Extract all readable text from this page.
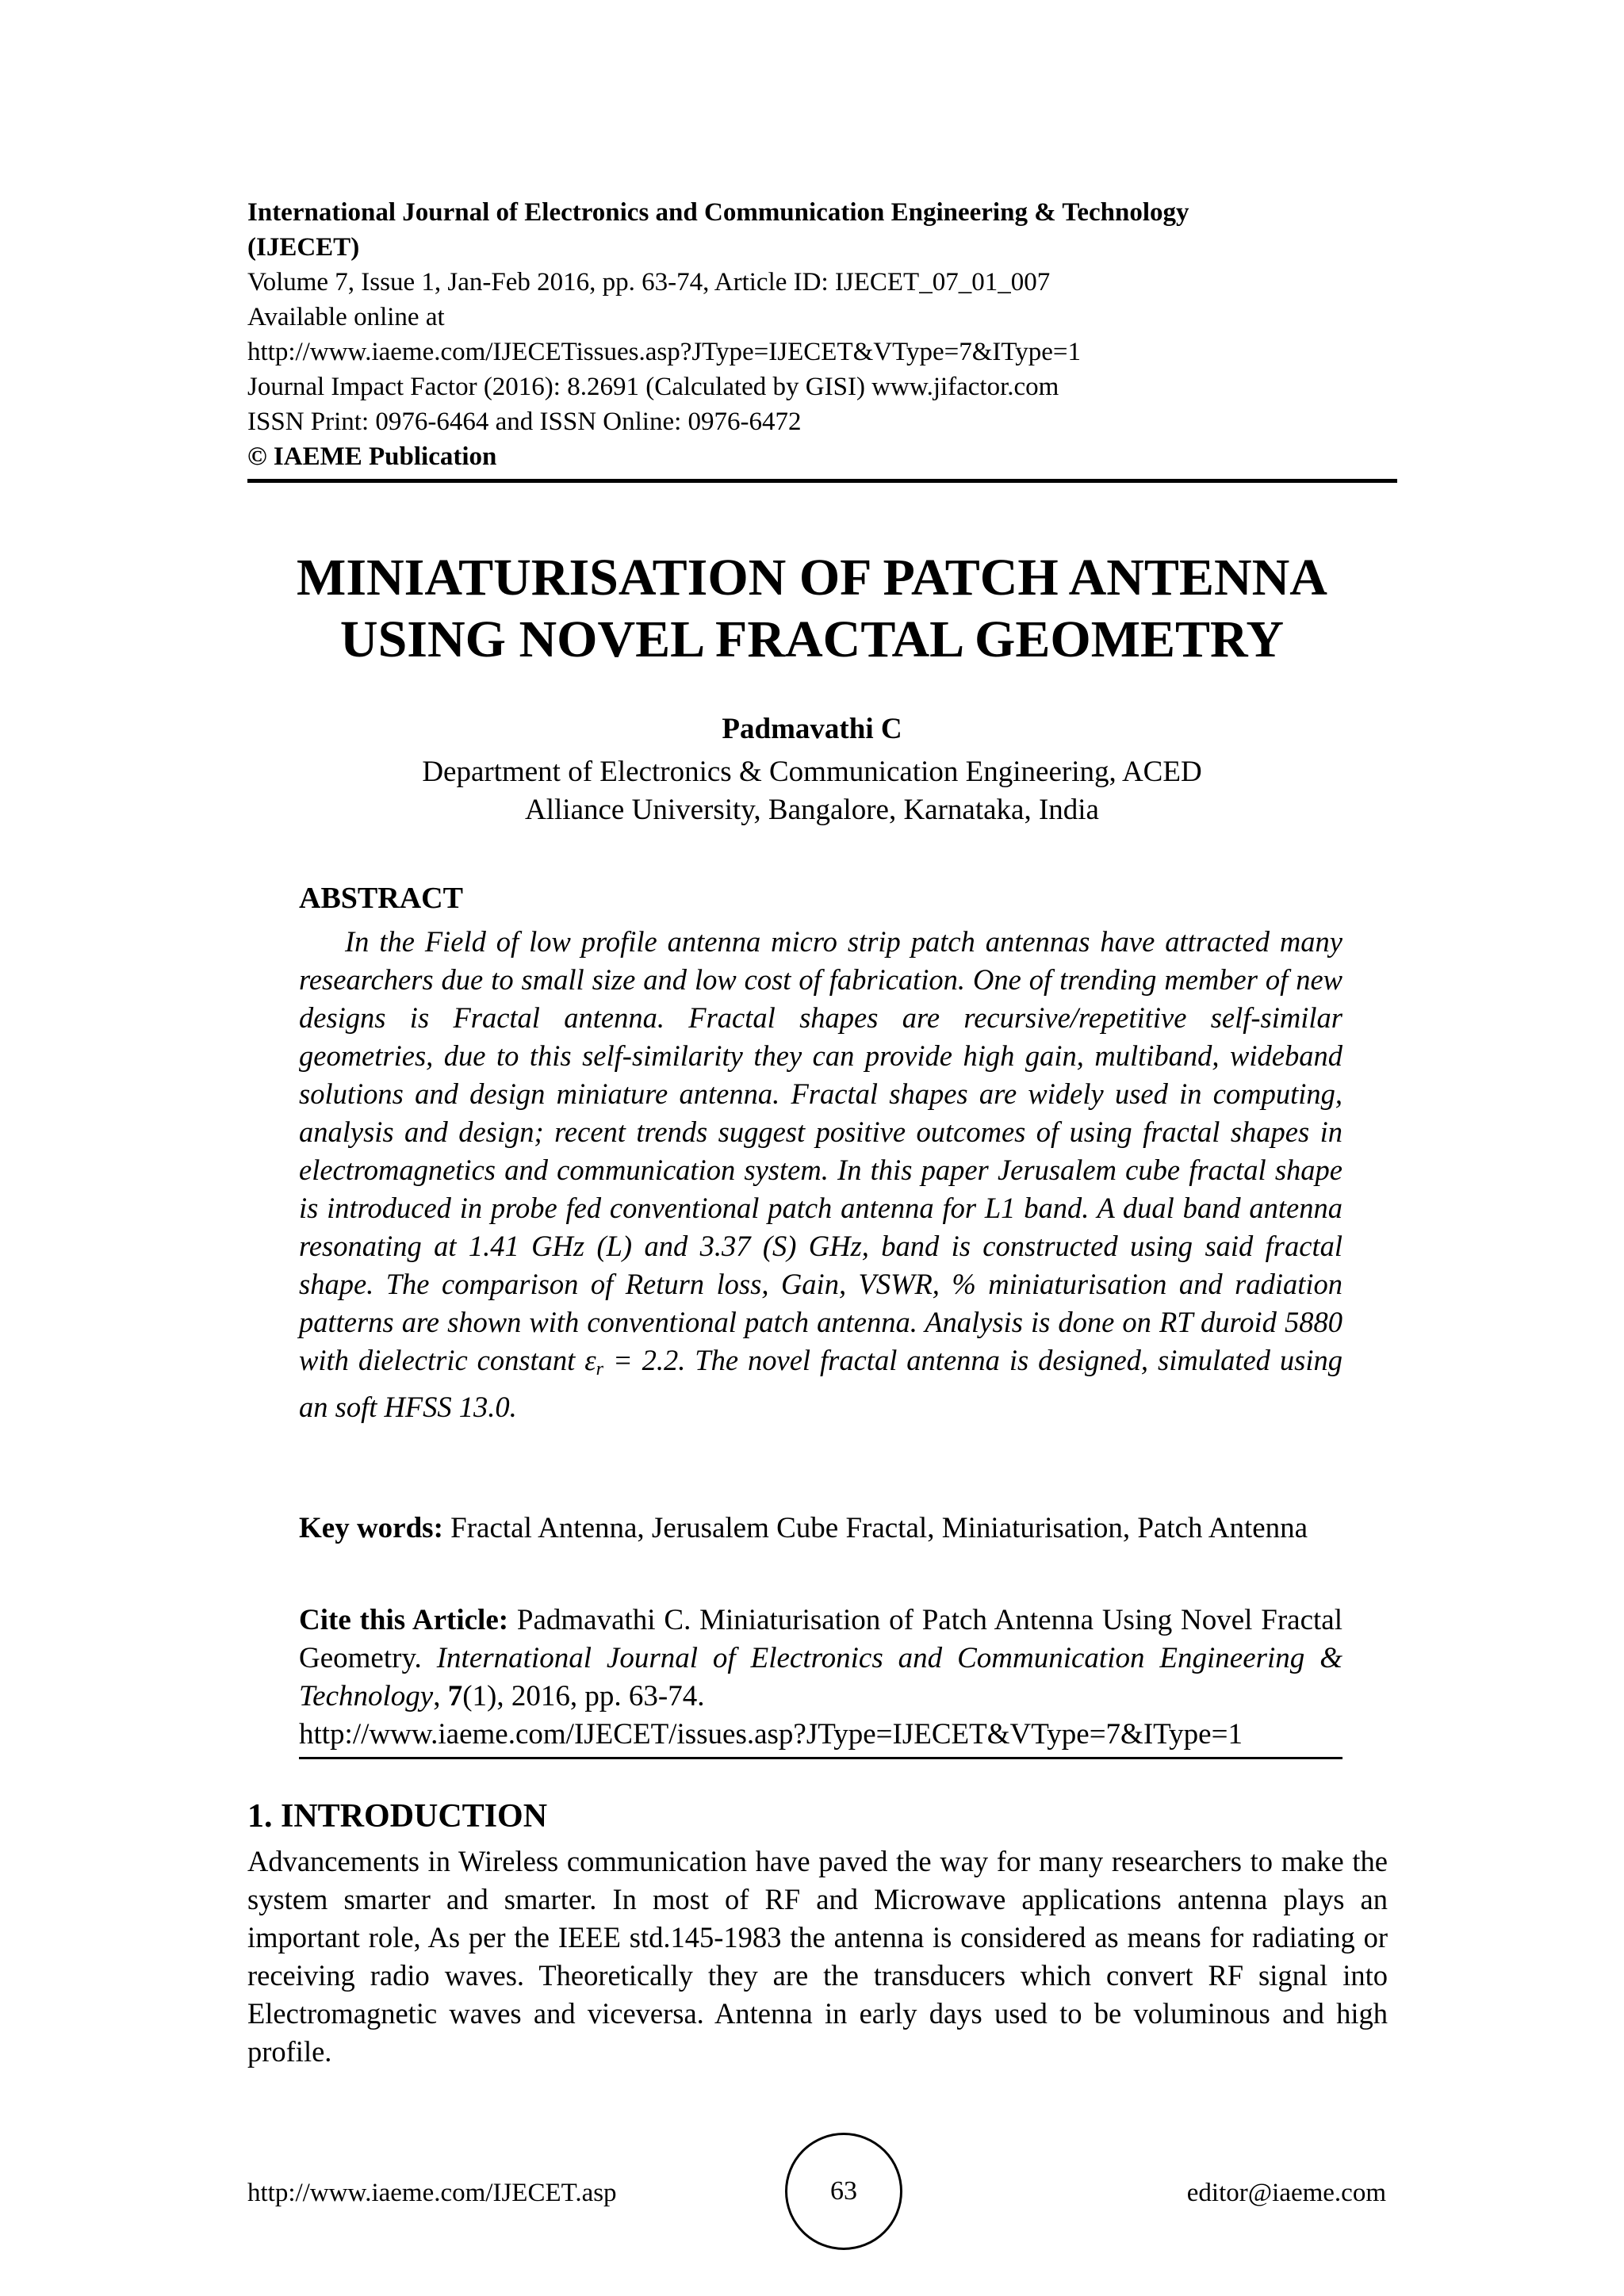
International Journal of Electronics and Communication Engineering & Technology
(IJECET)
Volume 7, Issue 1, Jan-Feb 2016, pp. 63-74, Article ID: IJECET_07_01_007
Available online at
http://www.iaeme.com/IJECETissues.asp?JType=IJECET&VType=7&IType=1
Journal Impact Factor (2016): 8.2691 (Calculated by GISI) www.jifactor.com
ISSN Print: 0976-6464 and ISSN Online: 0976-6472
© IAEME Publication
MINIATURISATION OF PATCH ANTENNA
USING NOVEL FRACTAL GEOMETRY
Padmavathi C
Department of Electronics & Communication Engineering, ACED
Alliance University, Bangalore, Karnataka, India
ABSTRACT
In the Field of low profile antenna micro strip patch antennas have attracted many researchers due to small size and low cost of fabrication. One of trending member of new designs is Fractal antenna. Fractal shapes are recursive/repetitive self-similar geometries, due to this self-similarity they can provide high gain, multiband, wideband solutions and design miniature antenna. Fractal shapes are widely used in computing, analysis and design; recent trends suggest positive outcomes of using fractal shapes in electromagnetics and communication system. In this paper Jerusalem cube fractal shape is introduced in probe fed conventional patch antenna for L1 band. A dual band antenna resonating at 1.41 GHz (L) and 3.37 (S) GHz, band is constructed using said fractal shape. The comparison of Return loss, Gain, VSWR, % miniaturisation and radiation patterns are shown with conventional patch antenna. Analysis is done on RT duroid 5880 with dielectric constant $\varepsilon_r = 2.2$. The novel fractal antenna is designed, simulated using an soft HFSS 13.0.
Key words: Fractal Antenna, Jerusalem Cube Fractal, Miniaturisation, Patch Antenna
Cite this Article: Padmavathi C. Miniaturisation of Patch Antenna Using Novel Fractal Geometry. International Journal of Electronics and Communication Engineering & Technology, 7(1), 2016, pp. 63-74.
http://www.iaeme.com/IJECET/issues.asp?JType=IJECET&VType=7&IType=1
1. INTRODUCTION
Advancements in Wireless communication have paved the way for many researchers to make the system smarter and smarter. In most of RF and Microwave applications antenna plays an important role, As per the IEEE std.145-1983 the antenna is considered as means for radiating or receiving radio waves. Theoretically they are the transducers which convert RF signal into Electromagnetic waves and viceversa. Antenna in early days used to be voluminous and high profile.
http://www.iaeme.com/IJECET.asp	63	editor@iaeme.com
